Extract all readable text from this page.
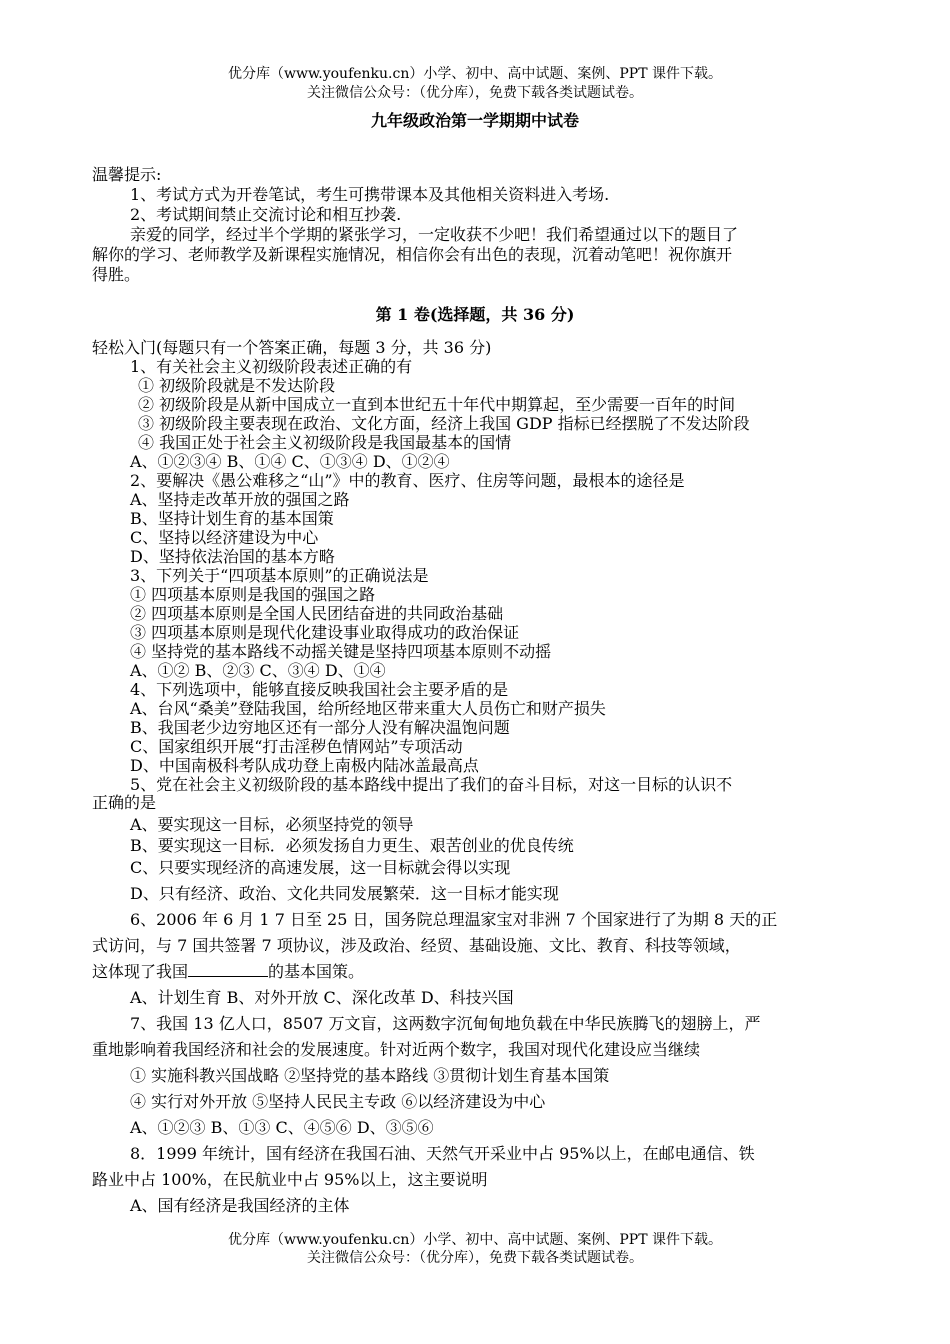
优分库（www.youfenku.cn）小学、初中、高中试题、案例、PPT 课件下载。
关注微信公众号：（优分库），免费下载各类试题试卷。
九年级政治第一学期期中试卷
温馨提示:
1、考试方式为开卷笔试，考生可携带课本及其他相关资料进入考场.
2、考试期间禁止交流讨论和相互抄袭.
亲爱的同学，经过半个学期的紧张学习，一定收获不少吧！我们希望通过以下的题目了
解你的学习、老师教学及新课程实施情况，相信你会有出色的表现，沉着动笔吧！祝你旗开
得胜。
第 1 卷(选择题，共 36 分)
轻松入门(每题只有一个答案正确，每题 3 分，共 36 分)
1、有关社会主义初级阶段表述正确的有
① 初级阶段就是不发达阶段
② 初级阶段是从新中国成立一直到本世纪五十年代中期算起，至少需要一百年的时间
③ 初级阶段主要表现在政治、文化方面，经济上我国 GDP 指标已经摆脱了不发达阶段
④ 我国正处于社会主义初级阶段是我国最基本的国情
A、①②③④ B、①④ C、①③④ D、①②④
2、要解决《愚公难移之“山”》中的教育、医疗、住房等问题，最根本的途径是
A、坚持走改革开放的强国之路
B、坚持计划生育的基本国策
C、坚持以经济建设为中心
D、坚持依法治国的基本方略
3、下列关于“四项基本原则”的正确说法是
① 四项基本原则是我国的强国之路
② 四项基本原则是全国人民团结奋进的共同政治基础
③ 四项基本原则是现代化建设事业取得成功的政治保证
④ 坚持党的基本路线不动摇关键是坚持四项基本原则不动摇
A、①② B、②③ C、③④ D、①④
4、下列选项中，能够直接反映我国社会主要矛盾的是
A、台风“桑美”登陆我国，给所经地区带来重大人员伤亡和财产损失
B、我国老少边穷地区还有一部分人没有解决温饱问题
C、国家组织开展“打击淫秽色情网站”专项活动
D、中国南极科考队成功登上南极内陆冰盖最高点
5、党在社会主义初级阶段的基本路线中提出了我们的奋斗目标，对这一目标的认识不
正确的是
A、要实现这一目标，必须坚持党的领导
B、要实现这一目标．必须发扬自力更生、艰苦创业的优良传统
C、只要实现经济的高速发展，这一目标就会得以实现
D、只有经济、政治、文化共同发展繁荣．这一目标才能实现
6、2006 年 6 月 1 7 日至 25 日，国务院总理温家宝对非洲 7 个国家进行了为期 8 天的正
式访问，与 7 国共签署 7 项协议，涉及政治、经贸、基础设施、文比、教育、科技等领域，
这体现了我国	的基本国策。
A、计划生育 B、对外开放 C、深化改革 D、科技兴国
7、我国 13 亿人口，8507 万文盲，这两数字沉甸甸地负载在中华民族腾飞的翅膀上，严
重地影响着我国经济和社会的发展速度。针对近两个数字，我国对现代化建设应当继续
① 实施科教兴国战略 ②坚持党的基本路线 ③贯彻计划生育基本国策
④ 实行对外开放 ⑤坚持人民民主专政 ⑥以经济建设为中心
A、①②③ B、①③ C、④⑤⑥ D、③⑤⑥
8．1999 年统计，国有经济在我国石油、天然气开采业中占 95%以上，在邮电通信、铁
路业中占 100%，在民航业中占 95%以上，这主要说明
A、国有经济是我国经济的主体
优分库（www.youfenku.cn）小学、初中、高中试题、案例、PPT 课件下载。
关注微信公众号：（优分库），免费下载各类试题试卷。
